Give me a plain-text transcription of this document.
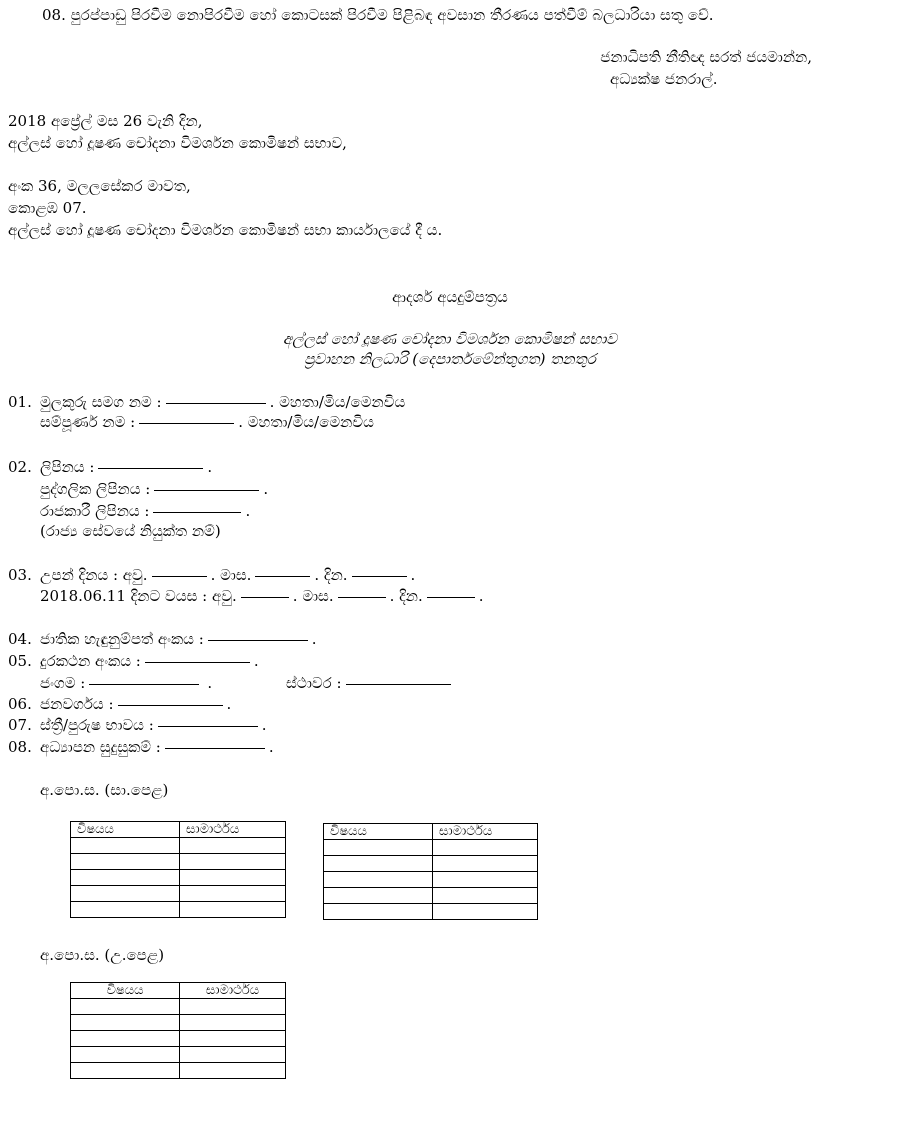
08. පුරප්පාඩු පිරවීම නොපිරවීම හෝ කොටසක් පිරවීම පිළිබඳ අවසාන තීරණය පත්වීම් බලධාරියා සතු වේ.
ජනාධිපති නීතිඥ සරත් ජයමාන්න,
අධ්‍යක්ෂ ජනරාල්.
2018 අප්‍රේල් මස 26 වැනි දින,
අල්ලස් හෝ දූෂණ චෝදනා විමර්ශන කොමිෂන් සභාව,
අංක 36, මලලසේකර මාවත,
කොළඹ 07.
අල්ලස් හෝ දූෂණ චෝදනා විමර්ශන කොමිෂන් සභා කාර්යාලයේ දී ය.
ආදර්ශ අයදුම්පත්‍රය
අල්ලස් හෝ දූෂණ චෝදනා විමර්ශන කොමිෂන් සභාව
ප්‍රවාහන නිලධාරි (දෙපාර්තමේන්තුගත) තනතුර
01. මුලකුරු සමග නම :	. මහතා/මිය/මෙනවිය
සම්පූර්ණ නම :	. මහතා/මිය/මෙනවිය
02. ලිපිනය :	.
පුද්ගලික ලිපිනය :	.
රාජකාරී ලිපිනය :	.
(රාජ්‍ය සේවයේ නියුක්ත නම්)
03. උපන් දිනය : අවු.	. මාස.	. දින.	.
2018.06.11 දිනට වයස : අවු.	. මාස.	. දින.	.
04. ජාතික හැඳුනුම්පත් අංකය :	.
05. දුරකථන අංකය :	.
ජංගම :	.	ස්ථාවර :
06. ජනවර්ගය :	.
07. ස්ත්‍රී/පුරුෂ භාවය :	.
08. අධ්‍යාපන සුදුසුකම් :	.
අ.පො.ස. (සා.පෙළ)
විෂයය	සාමාර්ථය

		විෂයය	සාමාර්ථය

අ.පො.ස. (උ.පෙළ)
විෂයය	සාමාර්ථය
